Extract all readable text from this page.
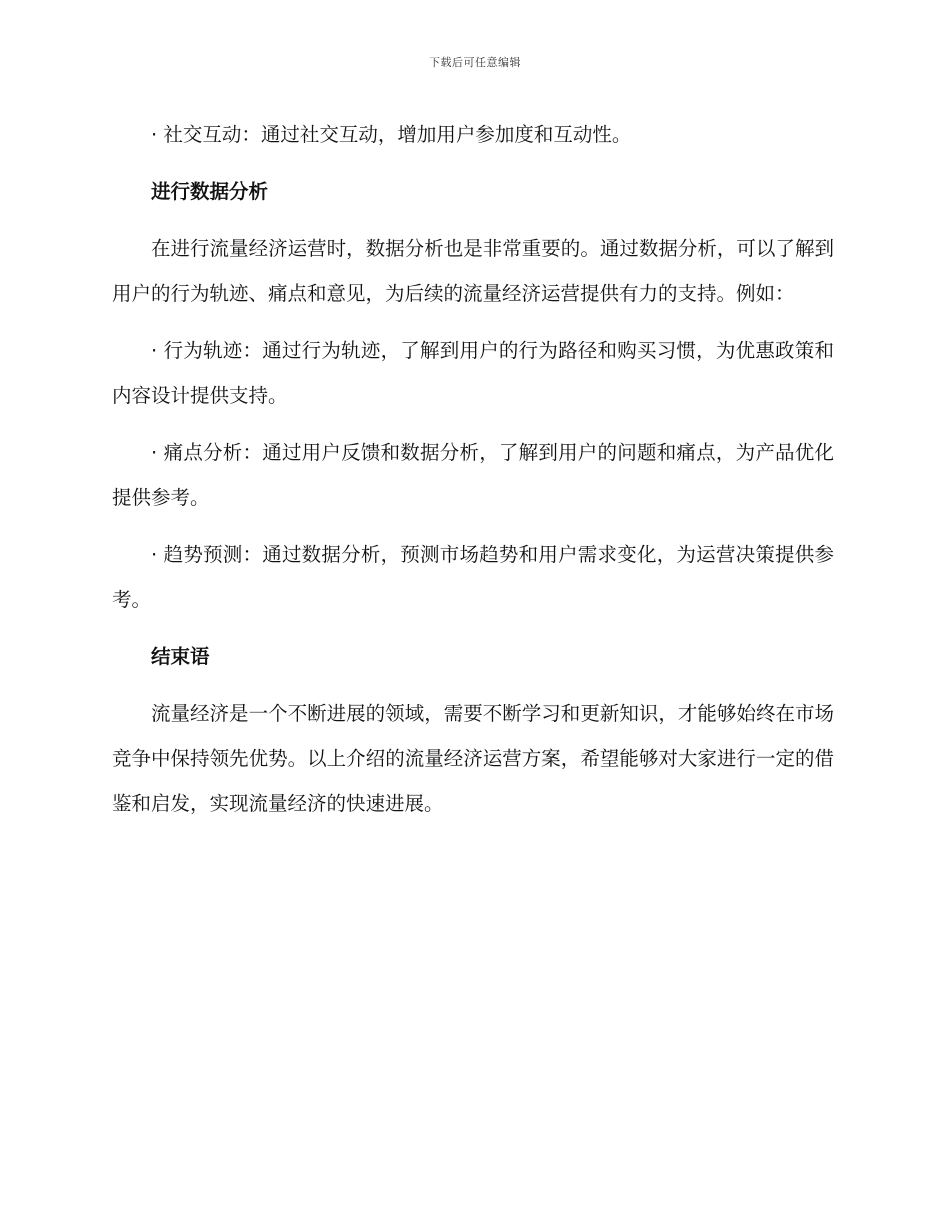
下载后可任意编辑

· 社交互动：通过社交互动，增加用户参加度和互动性。

进行数据分析

在进行流量经济运营时，数据分析也是非常重要的。通过数据分析，可以了解到用户的行为轨迹、痛点和意见，为后续的流量经济运营提供有力的支持。例如：

· 行为轨迹：通过行为轨迹，了解到用户的行为路径和购买习惯，为优惠政策和内容设计提供支持。

· 痛点分析：通过用户反馈和数据分析，了解到用户的问题和痛点，为产品优化提供参考。

· 趋势预测：通过数据分析，预测市场趋势和用户需求变化，为运营决策提供参考。

结束语

流量经济是一个不断进展的领域，需要不断学习和更新知识，才能够始终在市场竞争中保持领先优势。以上介绍的流量经济运营方案，希望能够对大家进行一定的借鉴和启发，实现流量经济的快速进展。
